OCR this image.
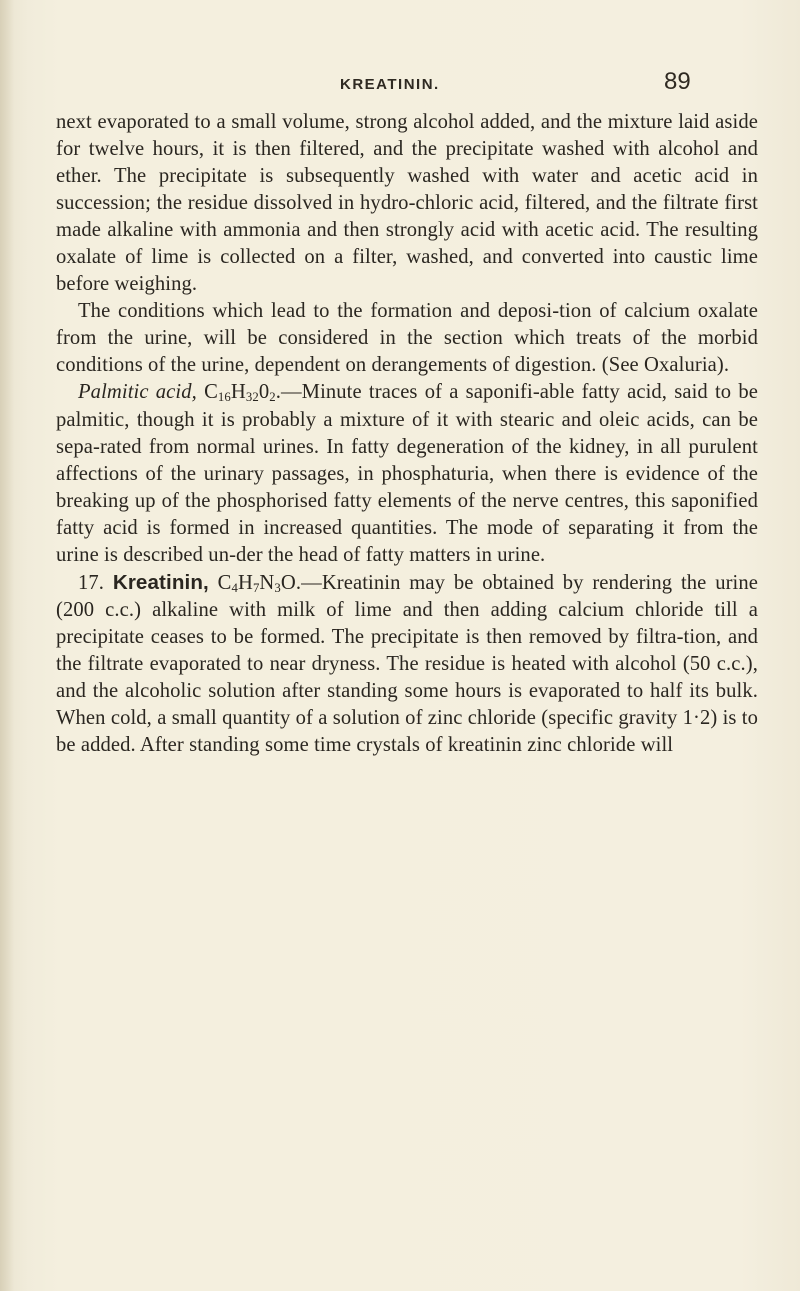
KREATININ.	89

next evaporated to a small volume, strong alcohol added, and the mixture laid aside for twelve hours, it is then filtered, and the precipitate washed with alcohol and ether. The precipitate is subsequently washed with water and acetic acid in succession; the residue dissolved in hydro-chloric acid, filtered, and the filtrate first made alkaline with ammonia and then strongly acid with acetic acid. The resulting oxalate of lime is collected on a filter, washed, and converted into caustic lime before weighing.

The conditions which lead to the formation and deposi-tion of calcium oxalate from the urine, will be considered in the section which treats of the morbid conditions of the urine, dependent on derangements of digestion. (See Oxaluria).

Palmitic acid, $C_{16}H_{32}0_2.—Minute$ traces of a saponifi-able fatty acid, said to be palmitic, though it is probably a mixture of it with stearic and oleic acids, can be sepa-rated from normal urines. In fatty degeneration of the kidney, in all purulent affections of the urinary passages, in phosphaturia, when there is evidence of the breaking up of the phosphorised fatty elements of the nerve centres, this saponified fatty acid is formed in increased quantities. The mode of separating it from the urine is described un-der the head of fatty matters in urine.

17. Kreatinin, $C_4H_7N_3O.—Kreatinin$ may be obtained by rendering the urine (200 c.c.) alkaline with milk of lime and then adding calcium chloride till a precipitate ceases to be formed. The precipitate is then removed by filtra-tion, and the filtrate evaporated to near dryness. The residue is heated with alcohol (50 c.c.), and the alcoholic solution after standing some hours is evaporated to half its bulk. When cold, a small quantity of a solution of zinc chloride (specific gravity 1·2) is to be added. After standing some time crystals of kreatinin zinc chloride will
